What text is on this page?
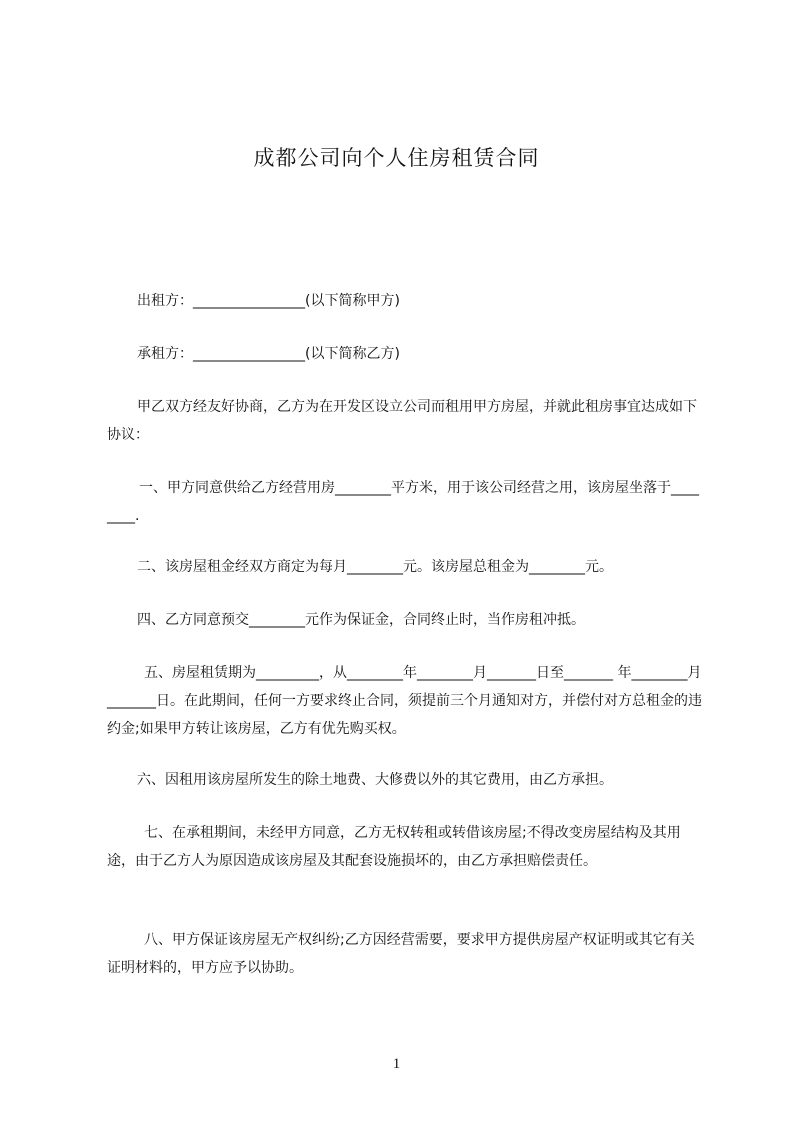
成都公司向个人住房租赁合同

出租方：________________(以下简称甲方)

承租方：________________(以下简称乙方)

甲乙双方经友好协商，乙方为在开发区设立公司而租用甲方房屋，并就此租房事宜达成如下协议：

一、甲方同意供给乙方经营用房________平方米，用于该公司经营之用，该房屋坐落于________.

二、该房屋租金经双方商定为每月________元。该房屋总租金为________元。

四、乙方同意预交________元作为保证金，合同终止时，当作房租冲抵。

五、房屋租赁期为_________，从________年________月_______日至_______ 年________月_______日。在此期间，任何一方要求终止合同，须提前三个月通知对方，并偿付对方总租金的违约金;如果甲方转让该房屋，乙方有优先购买权。

六、因租用该房屋所发生的除土地费、大修费以外的其它费用，由乙方承担。

七、在承租期间，未经甲方同意，乙方无权转租或转借该房屋;不得改变房屋结构及其用途，由于乙方人为原因造成该房屋及其配套设施损坏的，由乙方承担赔偿责任。

八、甲方保证该房屋无产权纠纷;乙方因经营需要，要求甲方提供房屋产权证明或其它有关证明材料的，甲方应予以协助。

1
